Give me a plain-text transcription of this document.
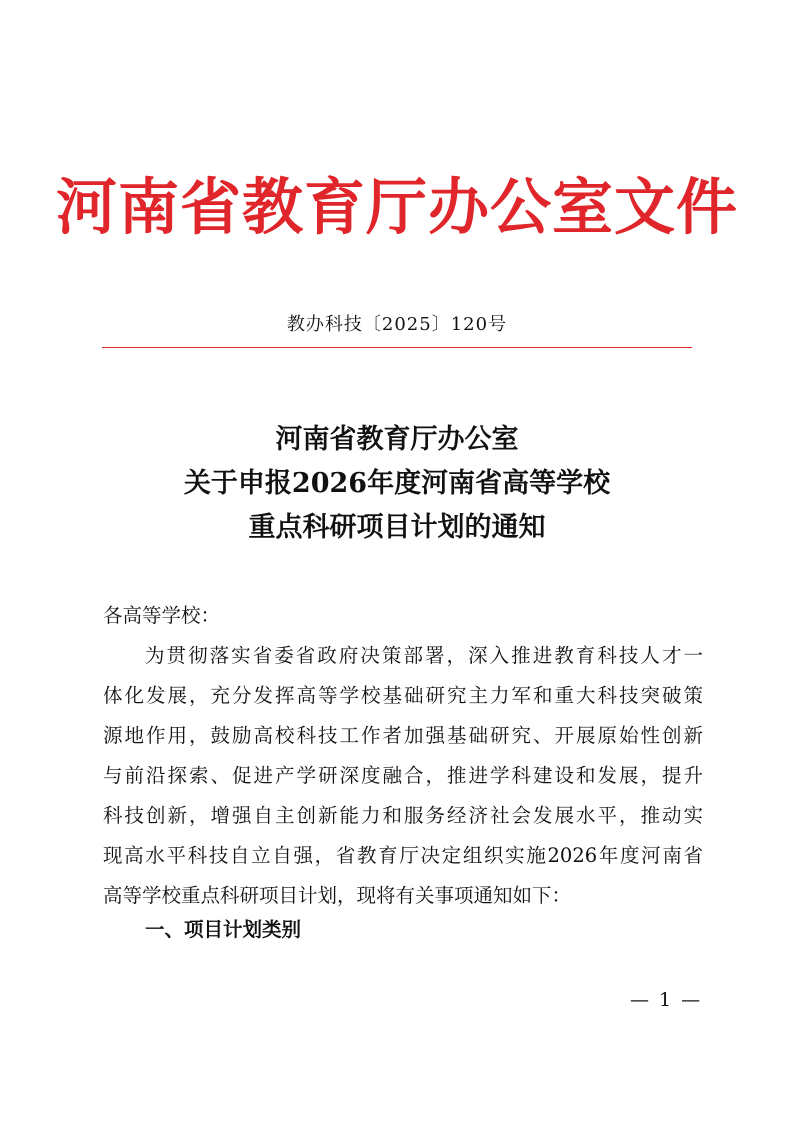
河南省教育厅办公室文件
教办科技〔2025〕120号
河南省教育厅办公室
关于申报2026年度河南省高等学校
重点科研项目计划的通知
各高等学校：
为贯彻落实省委省政府决策部署，深入推进教育科技人才一
体化发展，充分发挥高等学校基础研究主力军和重大科技突破策
源地作用，鼓励高校科技工作者加强基础研究、开展原始性创新
与前沿探索、促进产学研深度融合，推进学科建设和发展，提升
科技创新，增强自主创新能力和服务经济社会发展水平，推动实
现高水平科技自立自强，省教育厅决定组织实施2026年度河南省
高等学校重点科研项目计划，现将有关事项通知如下：
一、项目计划类别
— 1 —
